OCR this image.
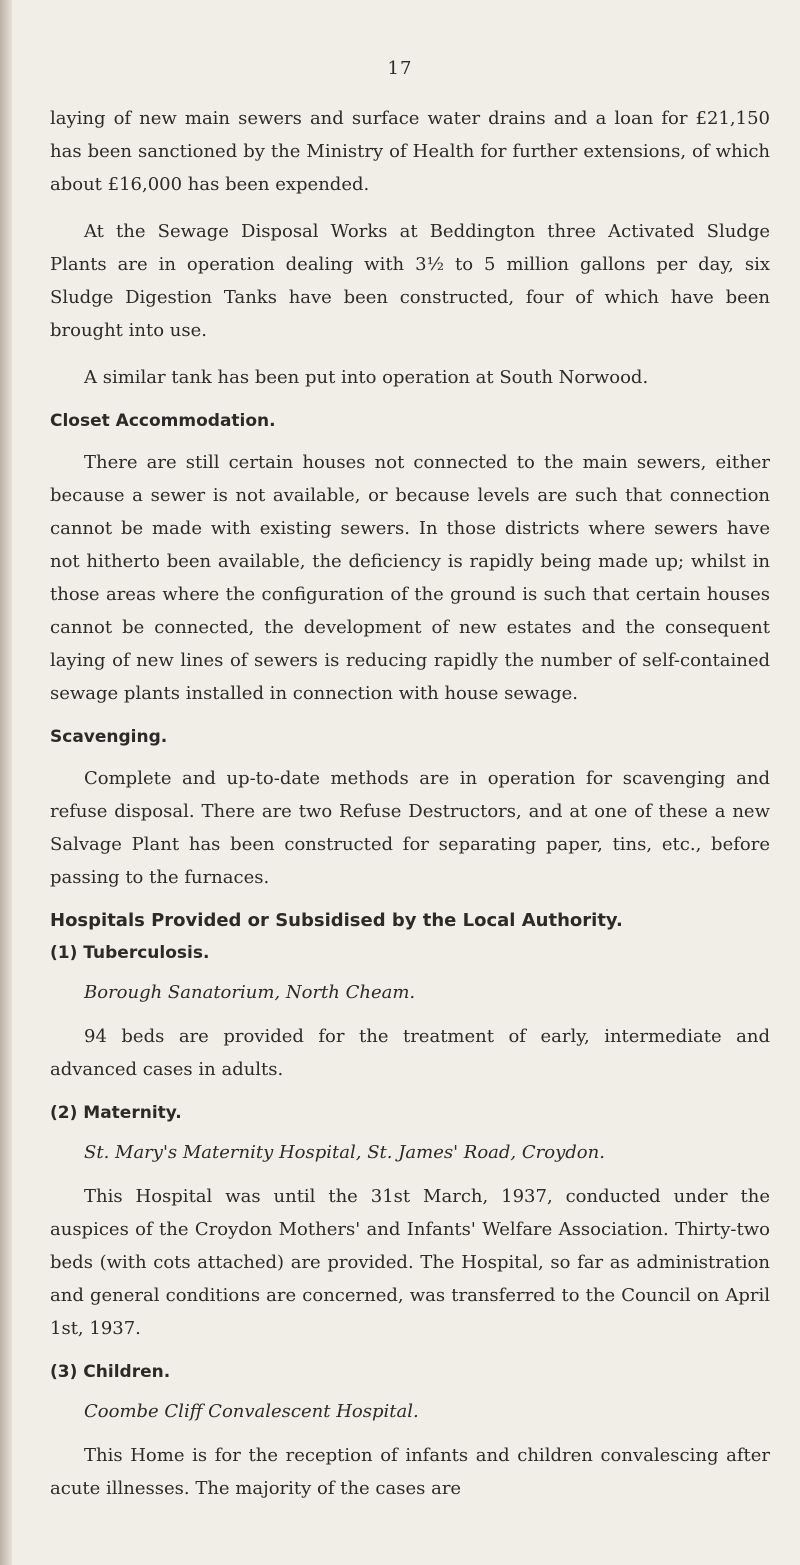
17

laying of new main sewers and surface water drains and a loan for £21,150 has been sanctioned by the Ministry of Health for further extensions, of which about £16,000 has been expended.

At the Sewage Disposal Works at Beddington three Activated Sludge Plants are in operation dealing with 3½ to 5 million gallons per day, six Sludge Digestion Tanks have been constructed, four of which have been brought into use.

A similar tank has been put into operation at South Norwood.

Closet Accommodation.

There are still certain houses not connected to the main sewers, either because a sewer is not available, or because levels are such that connection cannot be made with existing sewers. In those districts where sewers have not hitherto been available, the deficiency is rapidly being made up; whilst in those areas where the configuration of the ground is such that certain houses cannot be connected, the development of new estates and the consequent laying of new lines of sewers is reducing rapidly the number of self-contained sewage plants installed in connection with house sewage.

Scavenging.

Complete and up-to-date methods are in operation for scavenging and refuse disposal. There are two Refuse Destructors, and at one of these a new Salvage Plant has been constructed for separating paper, tins, etc., before passing to the furnaces.

Hospitals Provided or Subsidised by the Local Authority.
(1) Tuberculosis.
Borough Sanatorium, North Cheam.

94 beds are provided for the treatment of early, intermediate and advanced cases in adults.

(2) Maternity.
St. Mary's Maternity Hospital, St. James' Road, Croydon.

This Hospital was until the 31st March, 1937, conducted under the auspices of the Croydon Mothers' and Infants' Welfare Association. Thirty-two beds (with cots attached) are provided. The Hospital, so far as administration and general conditions are concerned, was transferred to the Council on April 1st, 1937.

(3) Children.
Coombe Cliff Convalescent Hospital.

This Home is for the reception of infants and children convalescing after acute illnesses. The majority of the cases are
